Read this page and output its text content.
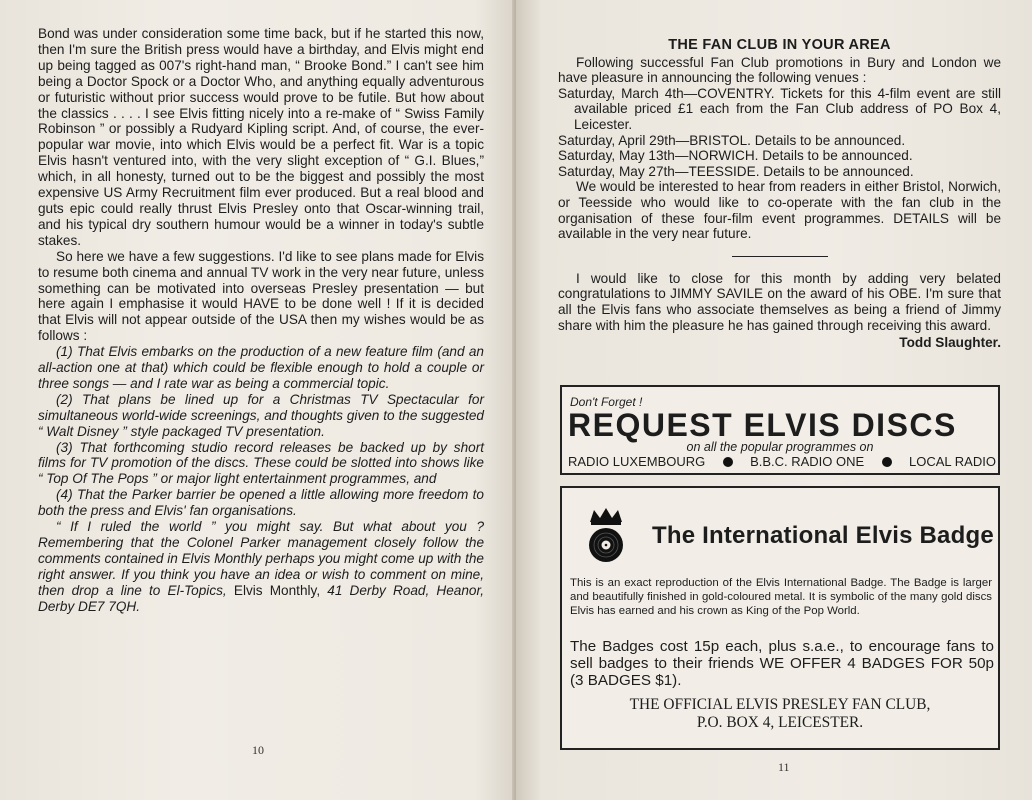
Bond was under consideration some time back, but if he started this now, then I'm sure the British press would have a birthday, and Elvis might end up being tagged as 007's right-hand man, “ Brooke Bond.” I can't see him being a Doctor Spock or a Doctor Who, and anything equally adventurous or futuristic without prior success would prove to be futile. But how about the classics . . . . I see Elvis fitting nicely into a re-make of “ Swiss Family Robinson ” or possibly a Rudyard Kipling script. And, of course, the ever-popular war movie, into which Elvis would be a perfect fit. War is a topic Elvis hasn't ventured into, with the very slight exception of “ G.I. Blues,” which, in all honesty, turned out to be the biggest and possibly the most expensive US Army Recruitment film ever produced. But a real blood and guts epic could really thrust Elvis Presley onto that Oscar-winning trail, and his typical dry southern humour would be a winner in today's subtle stakes.

So here we have a few suggestions. I'd like to see plans made for Elvis to resume both cinema and annual TV work in the very near future, unless something can be motivated into overseas Presley presentation — but here again I emphasise it would HAVE to be done well ! If it is decided that Elvis will not appear outside of the USA then my wishes would be as follows :

(1) That Elvis embarks on the production of a new feature film (and an all-action one at that) which could be flexible enough to hold a couple or three songs — and I rate war as being a commercial topic.

(2) That plans be lined up for a Christmas TV Spectacular for simultaneous world-wide screenings, and thoughts given to the suggested “ Walt Disney ” style packaged TV presentation.

(3) That forthcoming studio record releases be backed up by short films for TV promotion of the discs. These could be slotted into shows like “ Top Of The Pops ” or major light entertainment programmes, and

(4) That the Parker barrier be opened a little allowing more freedom to both the press and Elvis' fan organisations.

“ If I ruled the world ” you might say. But what about you ? Remembering that the Colonel Parker management closely follow the comments contained in Elvis Monthly perhaps you might come up with the right answer. If you think you have an idea or wish to comment on mine, then drop a line to El-Topics, Elvis Monthly, 41 Derby Road, Heanor, Derby DE7 7QH.

10
THE FAN CLUB IN YOUR AREA

Following successful Fan Club promotions in Bury and London we have pleasure in announcing the following venues :

Saturday, March 4th—COVENTRY. Tickets for this 4-film event are still available priced £1 each from the Fan Club address of PO Box 4, Leicester.

Saturday, April 29th—BRISTOL. Details to be announced.

Saturday, May 13th—NORWICH. Details to be announced.

Saturday, May 27th—TEESSIDE. Details to be announced.

We would be interested to hear from readers in either Bristol, Norwich, or Teesside who would like to co-operate with the fan club in the organisation of these four-film event programmes. DETAILS will be available in the very near future.

I would like to close for this month by adding very belated congratulations to JIMMY SAVILE on the award of his OBE. I'm sure that all the Elvis fans who associate themselves as being a friend of Jimmy share with him the pleasure he has gained through receiving this award.

Todd Slaughter.
Don't Forget !
REQUEST ELVIS DISCS
on all the popular programmes on
RADIO LUXEMBOURG	B.B.C. RADIO ONE	LOCAL RADIO
The International Elvis Badge
This is an exact reproduction of the Elvis International Badge. The Badge is larger and beautifully finished in gold-coloured metal. It is symbolic of the many gold discs Elvis has earned and his crown as King of the Pop World.
The Badges cost 15p each, plus s.a.e., to encourage fans to sell badges to their friends WE OFFER 4 BADGES FOR 50p (3 BADGES $1).
THE OFFICIAL ELVIS PRESLEY FAN CLUB,
P.O. BOX 4, LEICESTER.
11
